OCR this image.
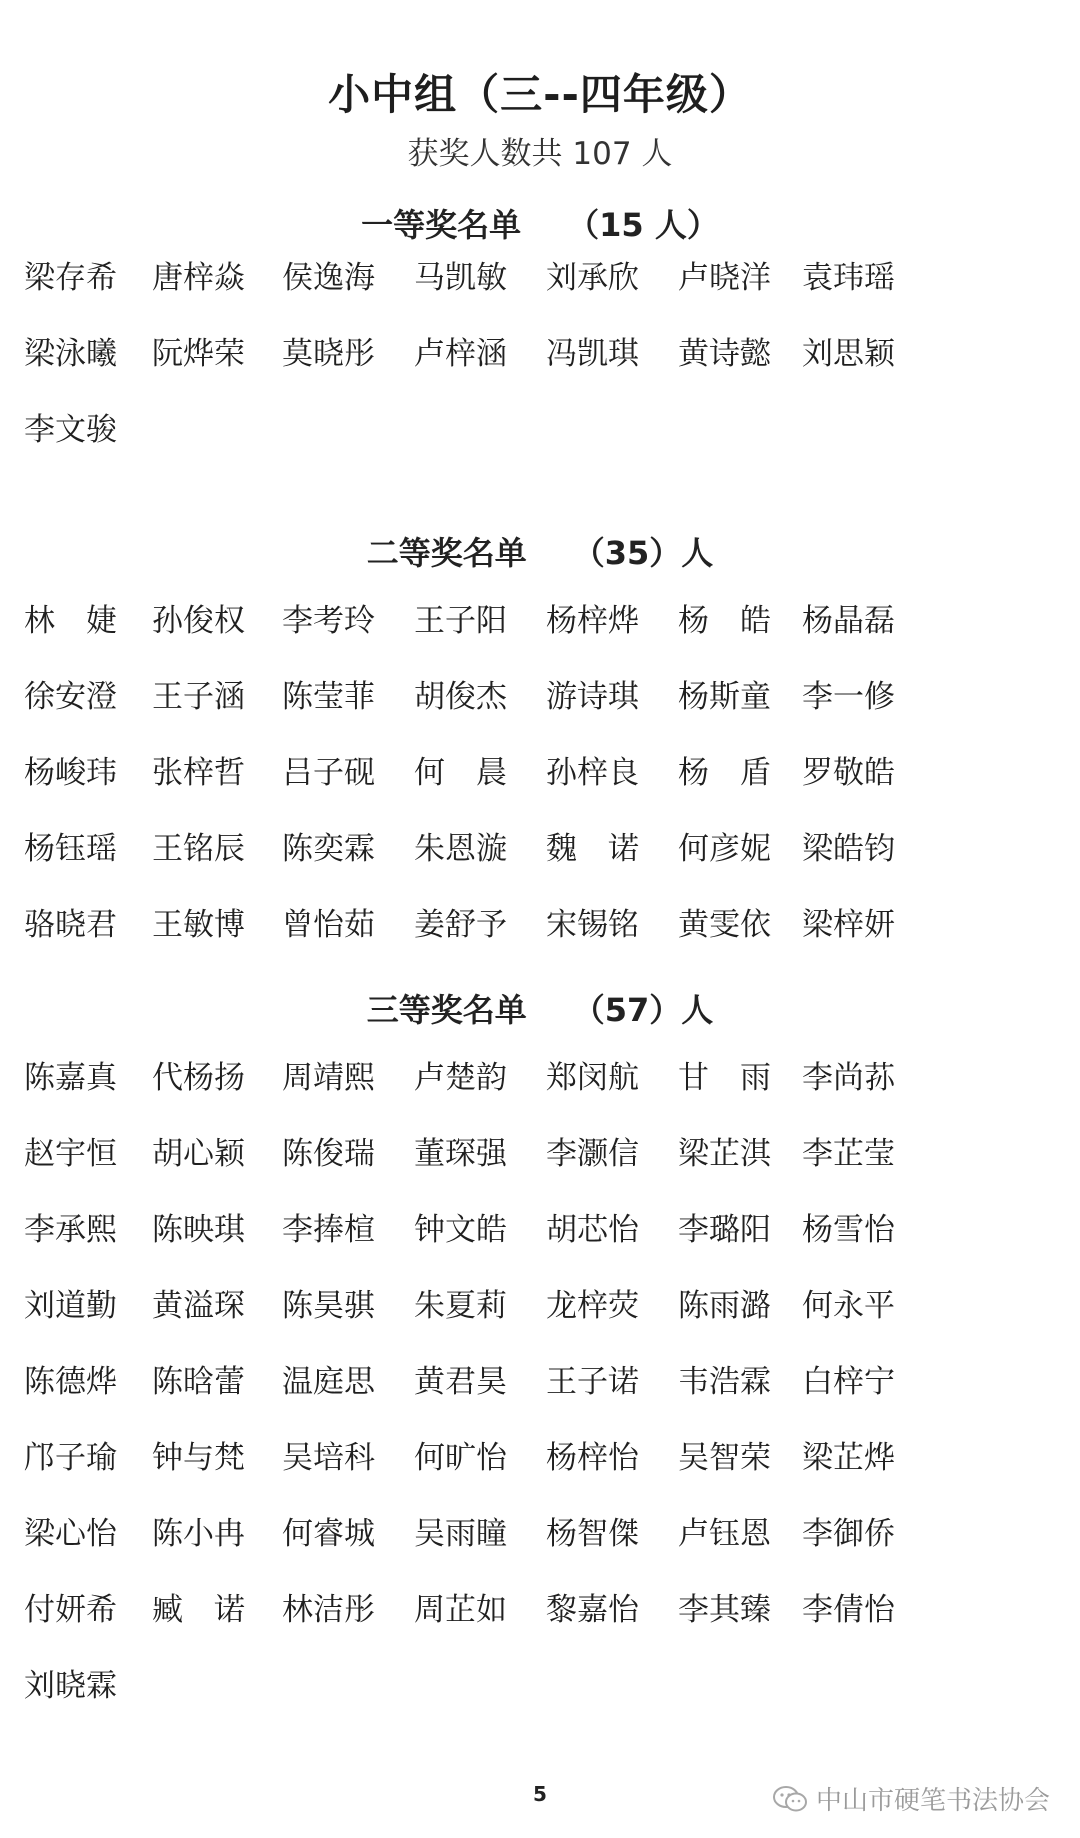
小中组（三--四年级）
获奖人数共 107 人
一等奖名单 （15 人）
梁存希 唐梓焱 侯逸海 马凯敏 刘承欣 卢晓洋 袁玮瑶
梁泳曦 阮烨荣 莫晓彤 卢梓涵 冯凯琪 黄诗懿 刘思颖
李文骏
二等奖名单 （35）人
林　婕 孙俊权 李考玲 王子阳 杨梓烨 杨　皓 杨晶磊
徐安澄 王子涵 陈莹菲 胡俊杰 游诗琪 杨斯童 李一修
杨峻玮 张梓哲 吕子砚 何　晨 孙梓良 杨　盾 罗敬皓
杨钰瑶 王铭辰 陈奕霖 朱恩漩 魏　诺 何彦妮 梁皓钧
骆晓君 王敏博 曾怡茹 姜舒予 宋锡铭 黄雯依 梁梓妍
三等奖名单 （57）人
陈嘉真 代杨扬 周靖熙 卢楚韵 郑闵航 甘　雨 李尚荪
赵宇恒 胡心颖 陈俊瑞 董琛强 李灏信 梁芷淇 李芷莹
李承熙 陈映琪 李捧楦 钟文皓 胡芯怡 李璐阳 杨雪怡
刘道勤 黄溢琛 陈昊骐 朱夏莉 龙梓荧 陈雨潞 何永平
陈德烨 陈晗蕾 温庭思 黄君昊 王子诺 韦浩霖 白梓宁
邝子瑜 钟与梵 吴培科 何旷怡 杨梓怡 吴智荣 梁芷烨
梁心怡 陈小冉 何睿城 吴雨瞳 杨智傑 卢钰恩 李御侨
付妍希 臧　诺 林洁彤 周芷如 黎嘉怡 李其臻 李倩怡
刘晓霖
5	中山市硬笔书法协会
